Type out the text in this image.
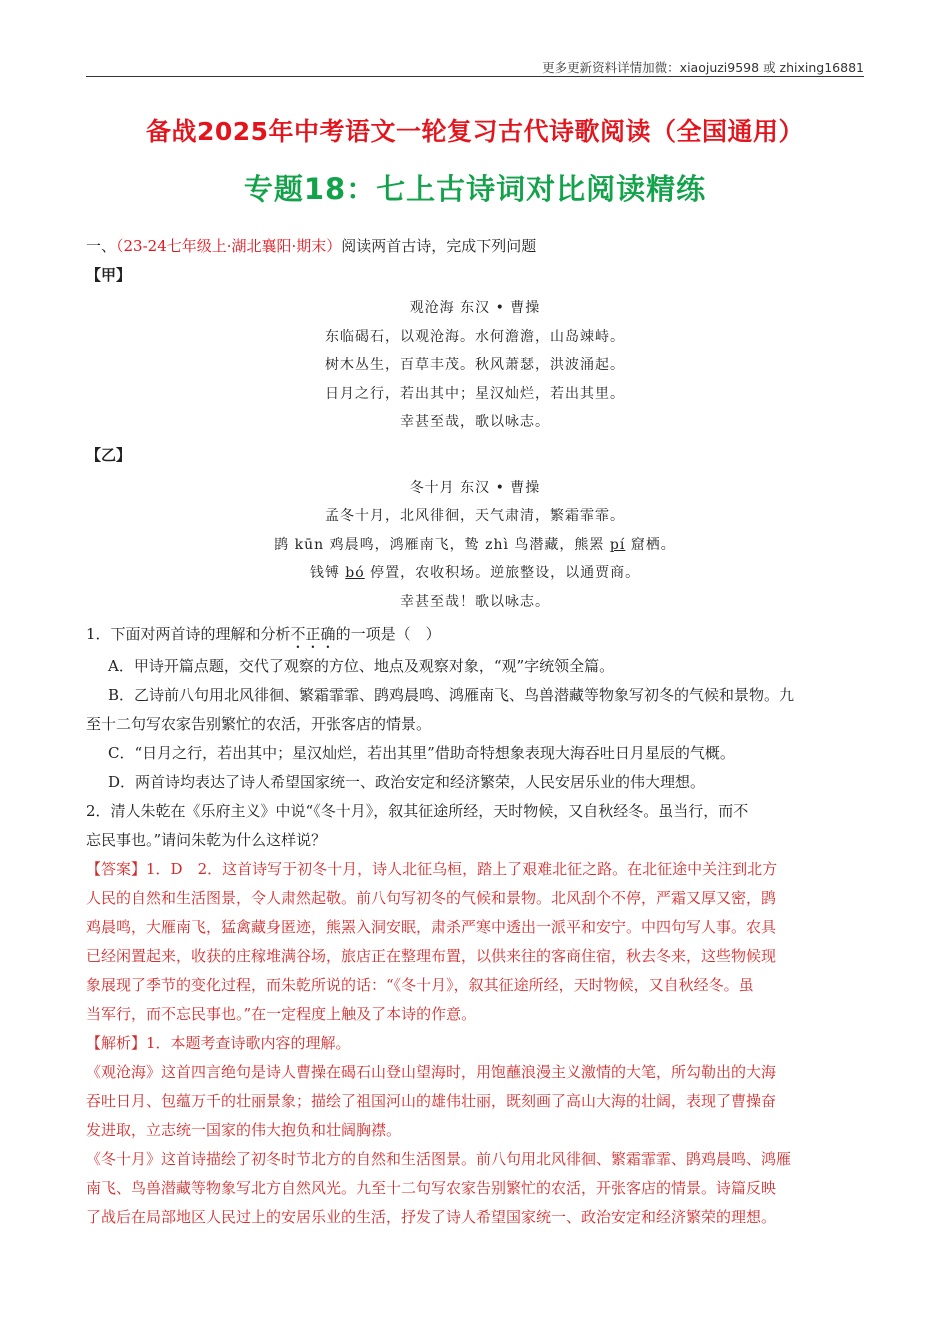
更多更新资料详情加微：xiaojuzi9598 或 zhixing16881
备战2025年中考语文一轮复习古代诗歌阅读（全国通用）
专题18：七上古诗词对比阅读精练
一、（23-24七年级上·湖北襄阳·期末）阅读两首古诗，完成下列问题
【甲】
观沧海 东汉 • 曹操
东临碣石，以观沧海。水何澹澹，山岛竦峙。
树木丛生，百草丰茂。秋风萧瑟，洪波涌起。
日月之行，若出其中；星汉灿烂，若出其里。
幸甚至哉，歌以咏志。
【乙】
冬十月 东汉 • 曹操
孟冬十月，北风徘徊，天气肃清，繁霜霏霏。
鹍 kūn 鸡晨鸣，鸿雁南飞，鸷 zhì 鸟潜藏，熊罴 pí 窟栖。
钱镈 bó 停置，农收积场。逆旅整设，以通贾商。
幸甚至哉！歌以咏志。
1．下面对两首诗的理解和分析不正确的一项是（　）
A．甲诗开篇点题，交代了观察的方位、地点及观察对象，“观”字统领全篇。
B．乙诗前八句用北风徘徊、繁霜霏霏、鹍鸡晨鸣、鸿雁南飞、鸟兽潜藏等物象写初冬的气候和景物。九
至十二句写农家告别繁忙的农活，开张客店的情景。
C．“日月之行，若出其中；星汉灿烂，若出其里”借助奇特想象表现大海吞吐日月星辰的气概。
D．两首诗均表达了诗人希望国家统一、政治安定和经济繁荣，人民安居乐业的伟大理想。
2．清人朱乾在《乐府主义》中说“《冬十月》，叙其征途所经，天时物候，又自秋经冬。虽当行，而不
忘民事也。”请问朱乾为什么这样说？
【答案】1．D　2．这首诗写于初冬十月，诗人北征乌桓，踏上了艰难北征之路。在北征途中关注到北方
人民的自然和生活图景，令人肃然起敬。前八句写初冬的气候和景物。北风刮个不停，严霜又厚又密，鹍
鸡晨鸣，大雁南飞，猛禽藏身匿迹，熊罴入洞安眠，肃杀严寒中透出一派平和安宁。中四句写人事。农具
已经闲置起来，收获的庄稼堆满谷场，旅店正在整理布置，以供来往的客商住宿，秋去冬来，这些物候现
象展现了季节的变化过程，而朱乾所说的话：“《冬十月》，叙其征途所经，天时物候，又自秋经冬。虽
当军行，而不忘民事也。”在一定程度上触及了本诗的作意。
【解析】1．本题考查诗歌内容的理解。
《观沧海》这首四言绝句是诗人曹操在碣石山登山望海时，用饱蘸浪漫主义激情的大笔，所勾勒出的大海
吞吐日月、包蕴万千的壮丽景象；描绘了祖国河山的雄伟壮丽，既刻画了高山大海的壮阔，表现了曹操奋
发进取，立志统一国家的伟大抱负和壮阔胸襟。
《冬十月》这首诗描绘了初冬时节北方的自然和生活图景。前八句用北风徘徊、繁霜霏霏、鹍鸡晨鸣、鸿雁
南飞、鸟兽潜藏等物象写北方自然风光。九至十二句写农家告别繁忙的农活，开张客店的情景。诗篇反映
了战后在局部地区人民过上的安居乐业的生活，抒发了诗人希望国家统一、政治安定和经济繁荣的理想。
